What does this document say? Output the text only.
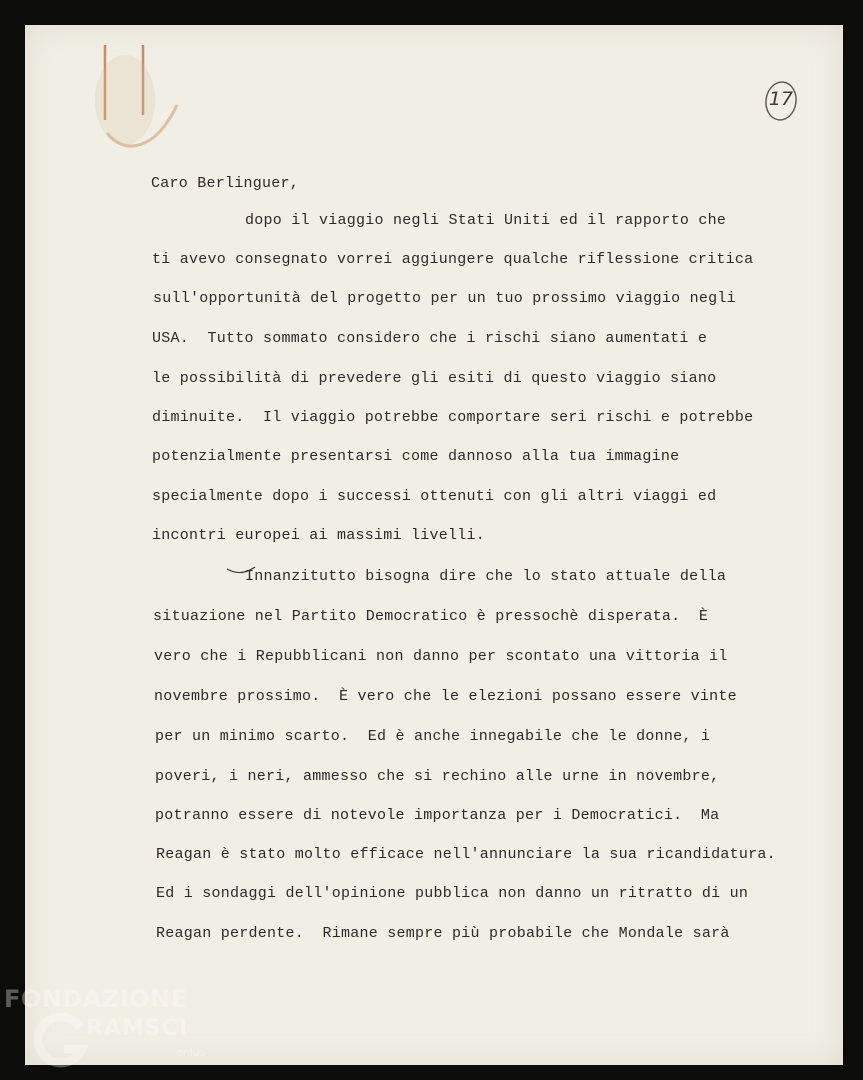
17
Caro Berlinguer,
dopo il viaggio negli Stati Uniti ed il rapporto che
ti avevo consegnato vorrei aggiungere qualche riflessione critica
sull'opportunità del progetto per un tuo prossimo viaggio negli
USA.  Tutto sommato considero che i rischi siano aumentati e
le possibilità di prevedere gli esiti di questo viaggio siano
diminuite.  Il viaggio potrebbe comportare seri rischi e potrebbe
potenzialmente presentarsi come dannoso alla tua immagine
specialmente dopo i successi ottenuti con gli altri viaggi ed
incontri europei ai massimi livelli.
Innanzitutto bisogna dire che lo stato attuale della
situazione nel Partito Democratico è pressochè disperata.  È
vero che i Repubblicani non danno per scontato una vittoria il
novembre prossimo.  È vero che le elezioni possano essere vinte
per un minimo scarto.  Ed è anche innegabile che le donne, i
poveri, i neri, ammesso che si rechino alle urne in novembre,
potranno essere di notevole importanza per i Democratici.  Ma
Reagan è stato molto efficace nell'annunciare la sua ricandidatura.
Ed i sondaggi dell'opinione pubblica non danno un ritratto di un
Reagan perdente.  Rimane sempre più probabile che Mondale sarà
FONDAZIONE
RAMSCI
onlus
